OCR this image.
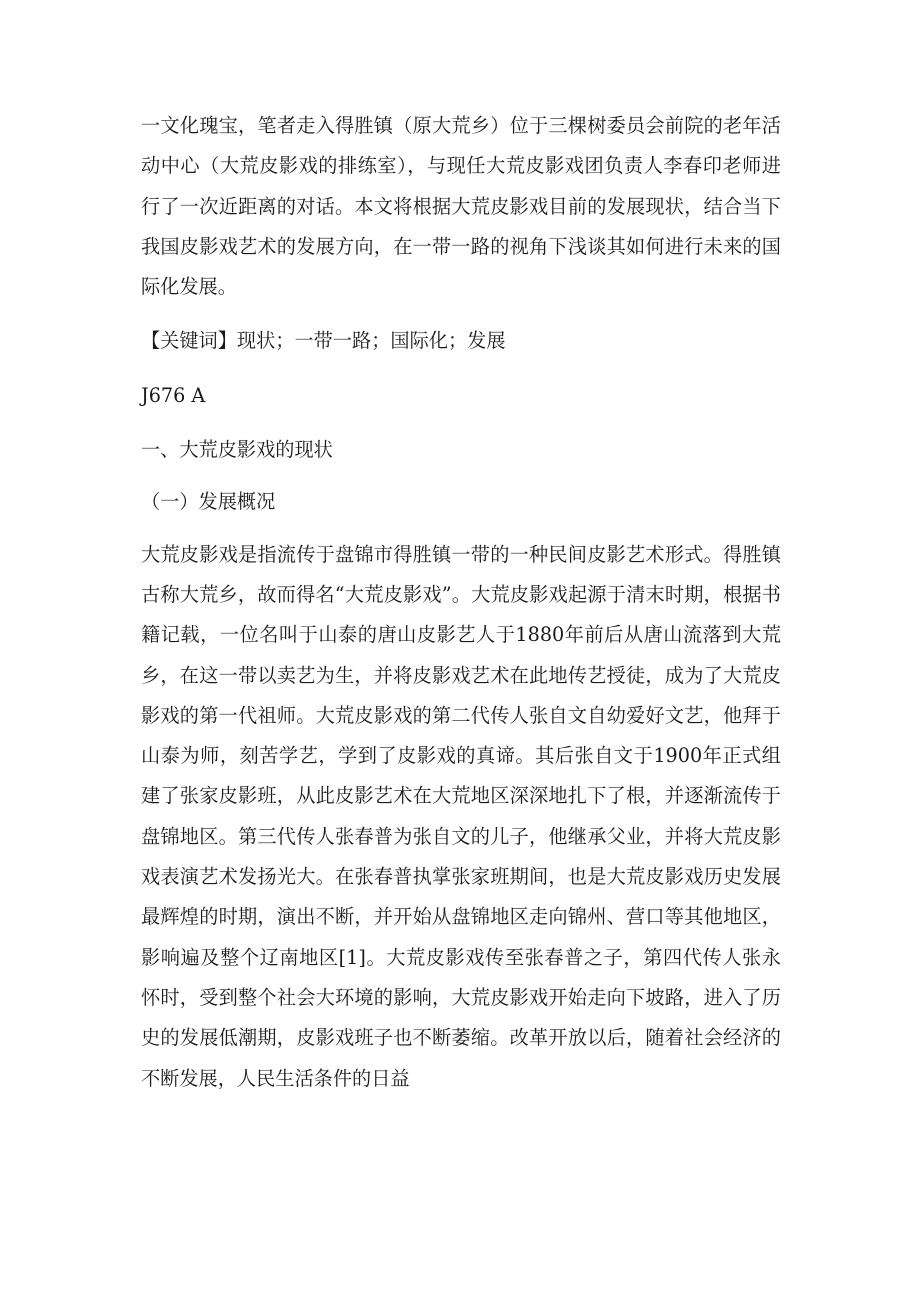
一文化瑰宝，笔者走入得胜镇（原大荒乡）位于三棵树委员会前院的老年活动中心（大荒皮影戏的排练室），与现任大荒皮影戏团负责人李春印老师进行了一次近距离的对话。本文将根据大荒皮影戏目前的发展现状，结合当下我国皮影戏艺术的发展方向，在一带一路的视角下浅谈其如何进行未来的国际化发展。

【关键词】现状；一带一路；国际化；发展

J676 A

一、大荒皮影戏的现状

（一）发展概况

大荒皮影戏是指流传于盘锦市得胜镇一带的一种民间皮影艺术形式。得胜镇古称大荒乡，故而得名“大荒皮影戏”。大荒皮影戏起源于清末时期，根据书籍记载，一位名叫于山泰的唐山皮影艺人于1880年前后从唐山流落到大荒乡，在这一带以卖艺为生，并将皮影戏艺术在此地传艺授徒，成为了大荒皮影戏的第一代祖师。大荒皮影戏的第二代传人张自文自幼爱好文艺，他拜于山泰为师，刻苦学艺，学到了皮影戏的真谛。其后张自文于1900年正式组建了张家皮影班，从此皮影艺术在大荒地区深深地扎下了根，并逐渐流传于盘锦地区。第三代传人张春普为张自文的儿子，他继承父业，并将大荒皮影戏表演艺术发扬光大。在张春普执掌张家班期间，也是大荒皮影戏历史发展最辉煌的时期，演出不断，并开始从盘锦地区走向锦州、营口等其他地区，影响遍及整个辽南地区[1]。大荒皮影戏传至张春普之子，第四代传人张永怀时，受到整个社会大环境的影响，大荒皮影戏开始走向下坡路，进入了历史的发展低潮期，皮影戏班子也不断萎缩。改革开放以后，随着社会经济的不断发展，人民生活条件的日益
